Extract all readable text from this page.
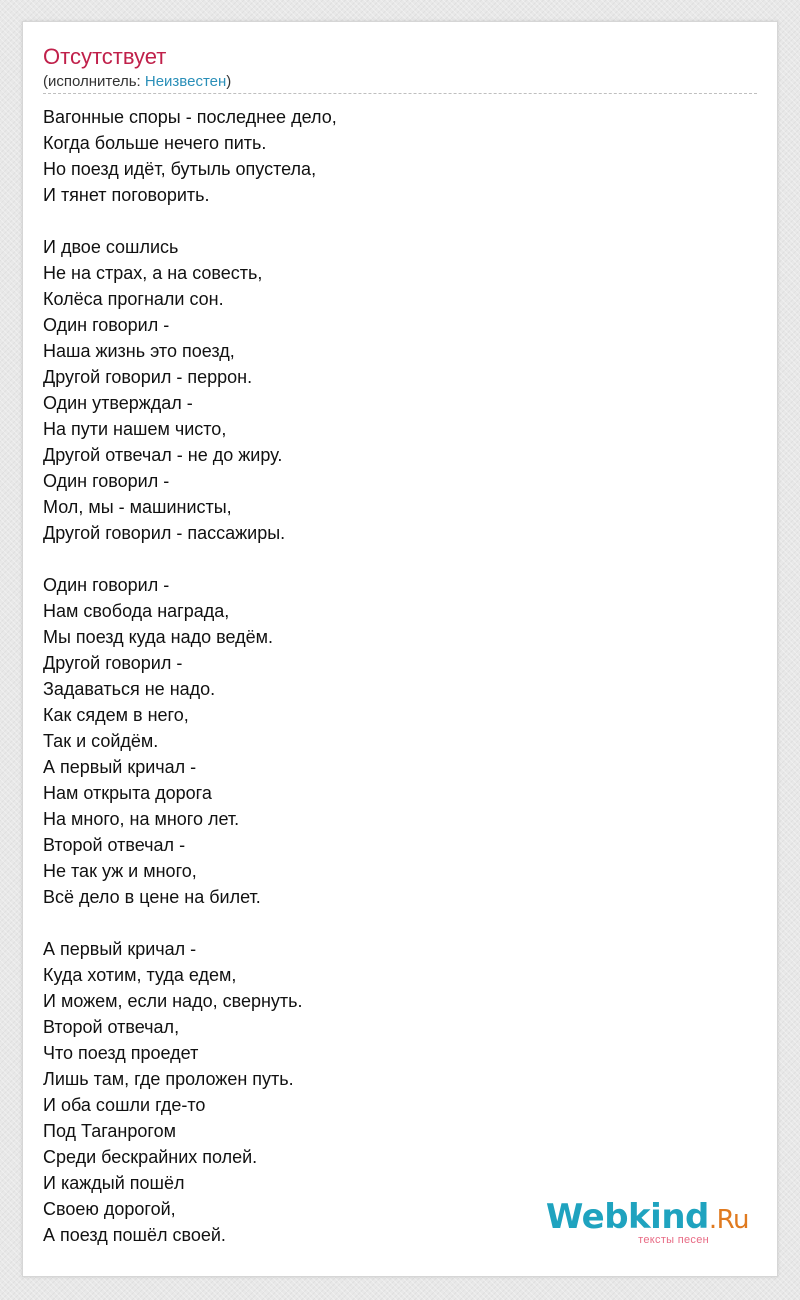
Отсутствует
(исполнитель: Неизвестен)
Вагонные споры - последнее дело,
Когда больше нечего пить.
Но поезд идёт, бутыль опустела,
И тянет поговорить.
И двое сошлись
Не на страх, а на совесть,
Колёса прогнали сон.
Один говорил -
Наша жизнь это поезд,
Другой говорил - перрон.
Один утверждал -
На пути нашем чисто,
Другой отвечал - не до жиру.
Один говорил -
Мол, мы - машинисты,
Другой говорил - пассажиры.
Один говорил -
Нам свобода награда,
Мы поезд куда надо ведём.
Другой говорил -
Задаваться не надо.
Как сядем в него,
Так и сойдём.
А первый кричал -
Нам открыта дорога
На много, на много лет.
Второй отвечал -
Не так уж и много,
Всё дело в цене на билет.
А первый кричал -
Куда хотим, туда едем,
И можем, если надо, свернуть.
Второй отвечал,
Что поезд проедет
Лишь там, где проложен путь.
И оба сошли где-то
Под Таганрогом
Среди бескрайних полей.
И каждый пошёл
Своею дорогой,
А поезд пошёл своей.	Webkind.Ru
тексты песен
